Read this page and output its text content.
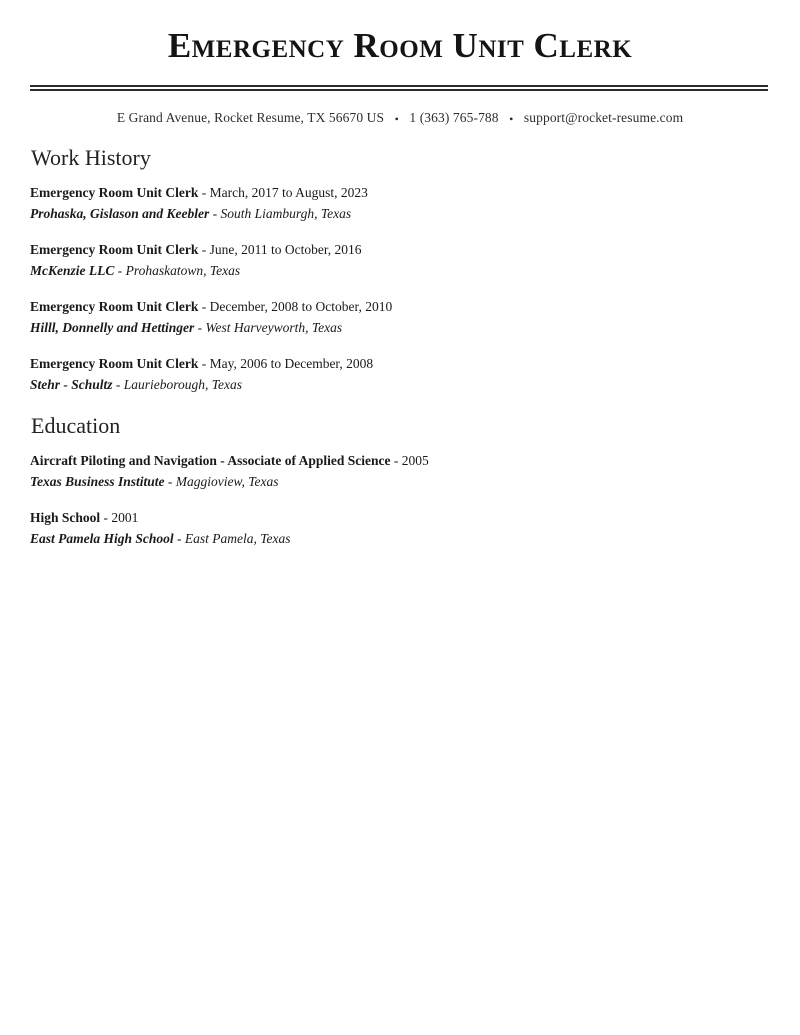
Emergency Room Unit Clerk
E Grand Avenue, Rocket Resume, TX 56670 US • 1 (363) 765-788 • support@rocket-resume.com
Work History
Emergency Room Unit Clerk - March, 2017 to August, 2023
Prohaska, Gislason and Keebler - South Liamburgh, Texas
Emergency Room Unit Clerk - June, 2011 to October, 2016
McKenzie LLC - Prohaskatown, Texas
Emergency Room Unit Clerk - December, 2008 to October, 2010
Hilll, Donnelly and Hettinger - West Harveyworth, Texas
Emergency Room Unit Clerk - May, 2006 to December, 2008
Stehr - Schultz - Laurieborough, Texas
Education
Aircraft Piloting and Navigation - Associate of Applied Science - 2005
Texas Business Institute - Maggioview, Texas
High School - 2001
East Pamela High School - East Pamela, Texas
